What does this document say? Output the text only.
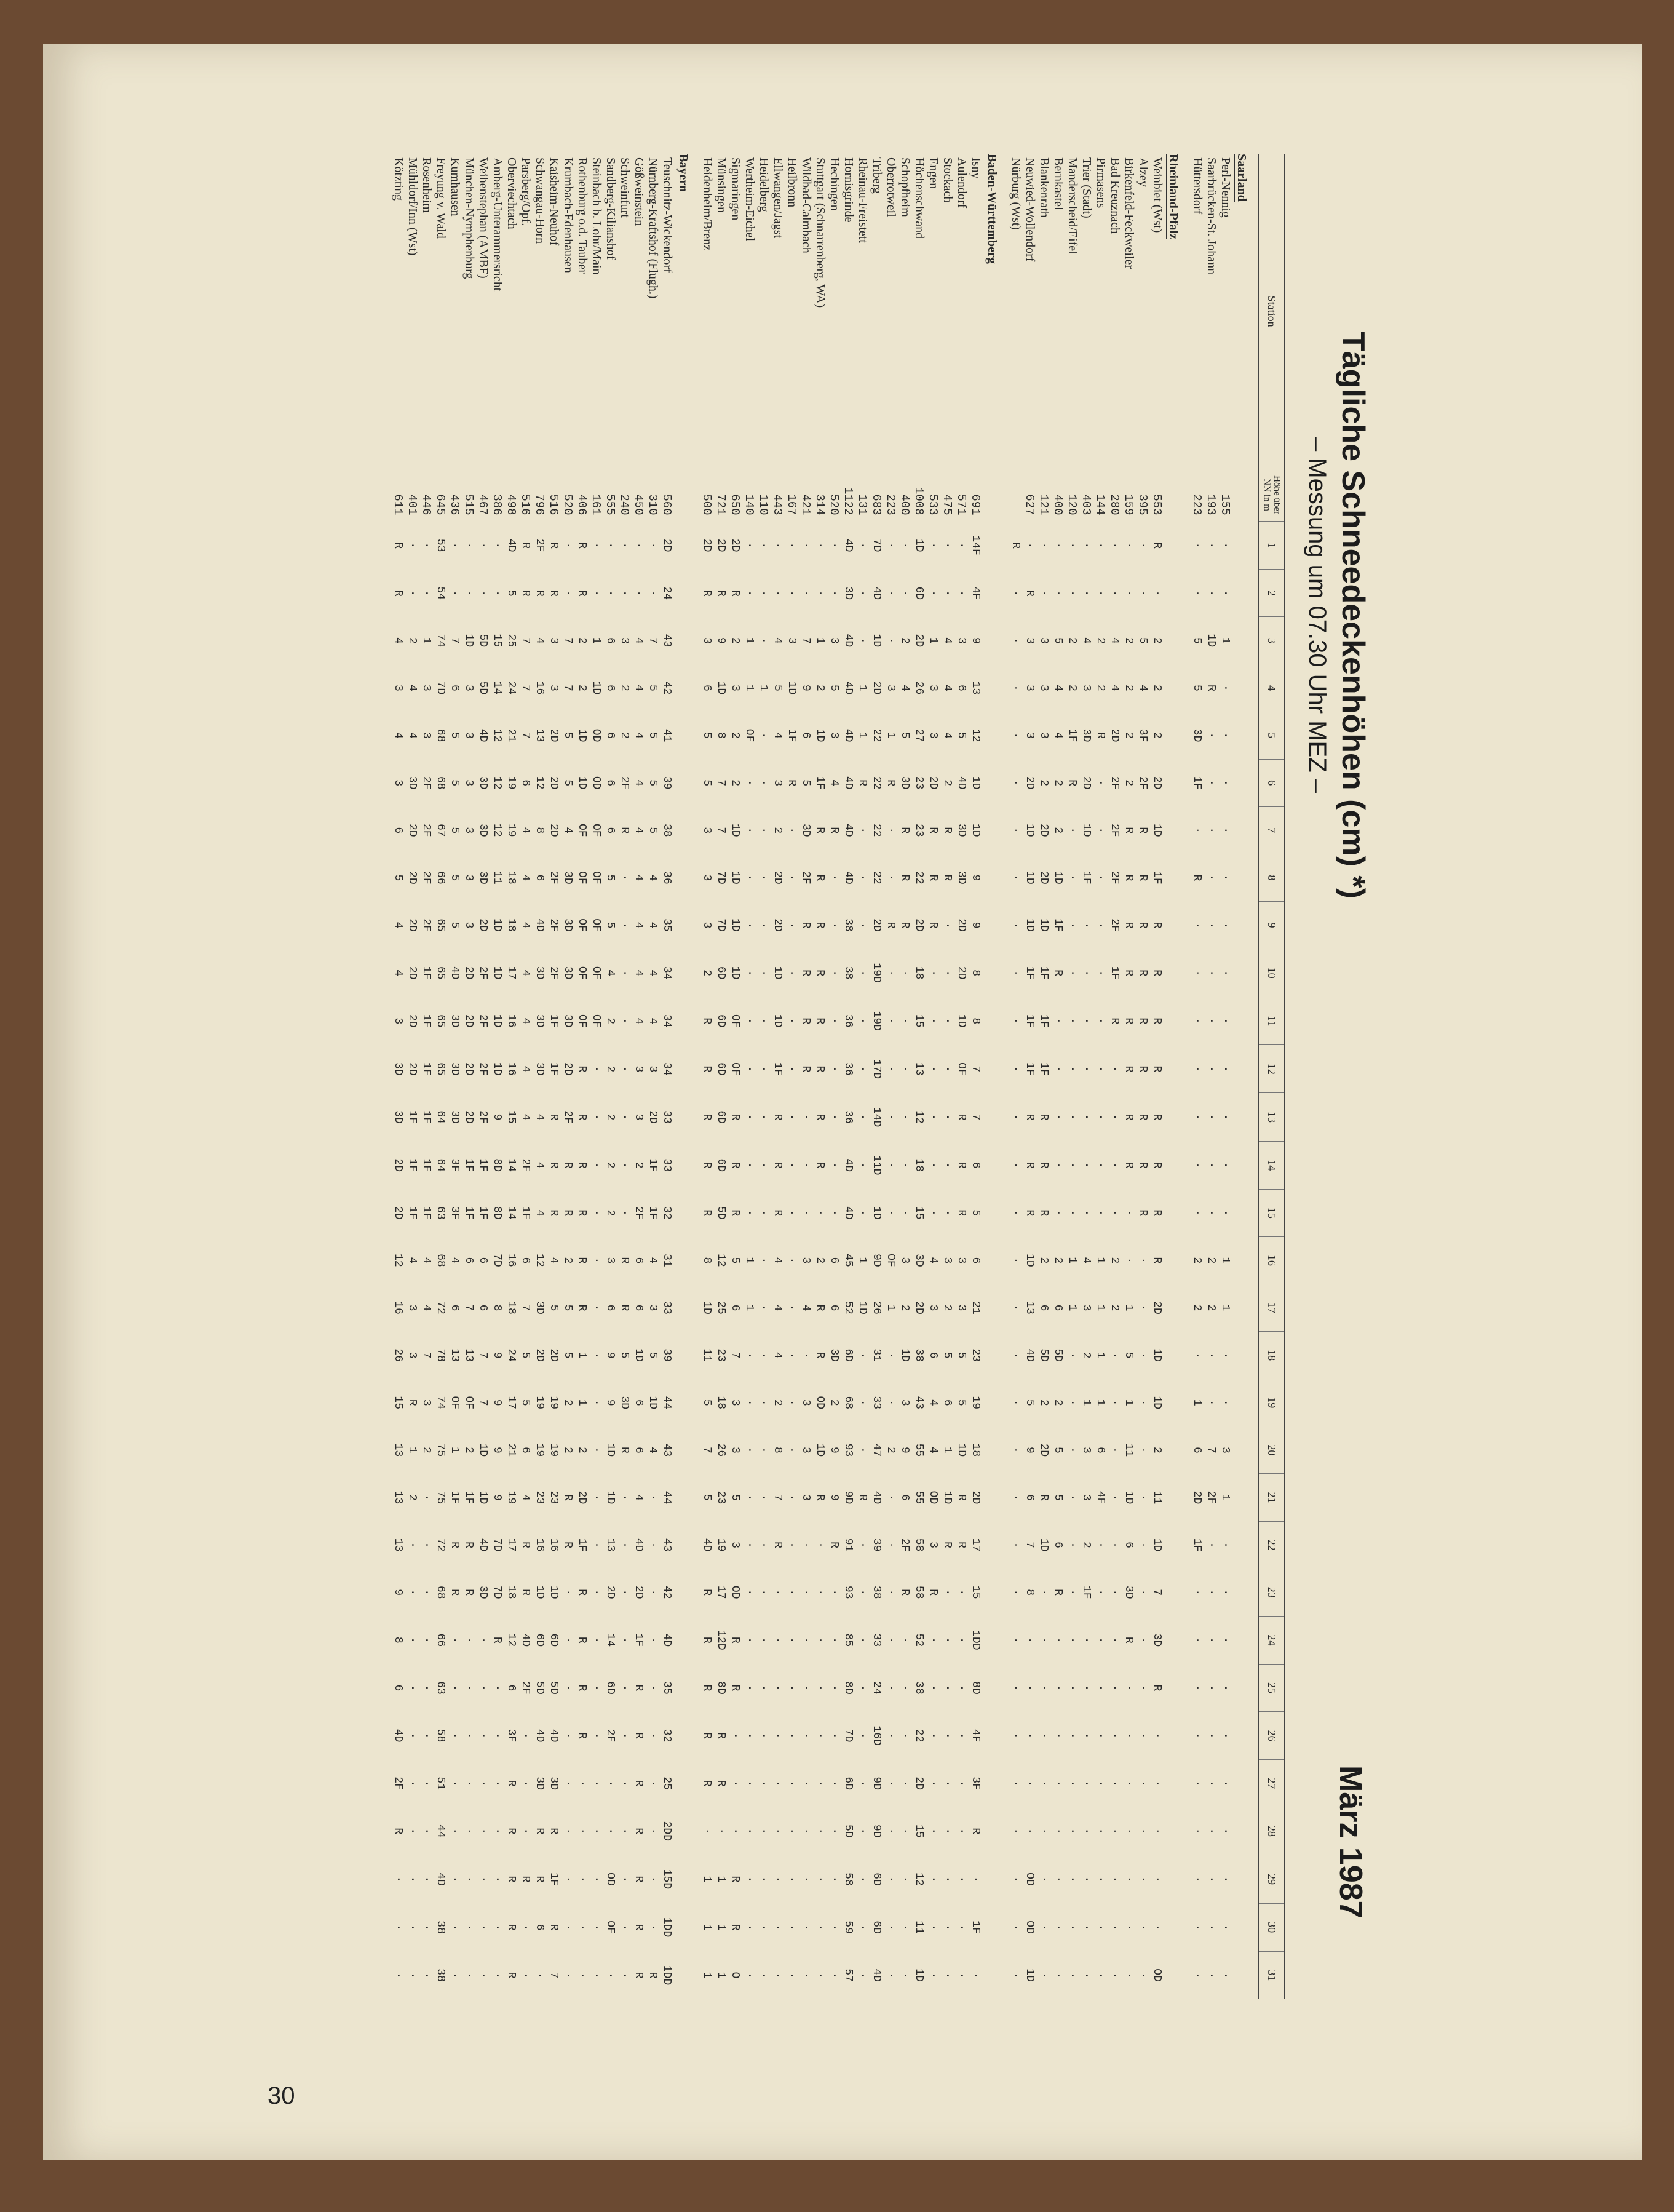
30
Tägliche Schneedeckenhöhen (cm) *)
– Messung um 07.30 Uhr MEZ –
März 1987
Station	Höhe über NN in m	1	2	3	4	5	6	7	8	9	10	11	12	13	14	15	16	17	18	19	20	21	22	23	24	25	26	27	28	29	30	31
Saarland																																
Perl-Nennig	155	·	·	1	·	·	·	·	·	·	·	·	·	·	·	·	1	1	·	·	3	1	·	·	·	·	·	·	·	·	·	·
Saarbrücken-St. Johann	193	·	·	1D	R	·	·	·	·	·	·	·	·	·	·	·	2	2	·	·	7	2F	·	·	·	·	·	·	·	·	·	·
Hüttersdorf	223	·	·	5	5	3D	1F	·	R	·	·	·	·	·	·	·	2	2	·	1	6	2D	1F	·	·	·	·	·	·	·	·	·
Rheinland-Pfalz																																
Weinbiet (Wst)	553	R	·	2	2	2	2D	1D	1F	R	R	R	R	R	R	R	R	2D	1D	1D	2	11	1D	7	3D	R	·	·	·	·	·	OD
Alzey	395	·	·	5	4	3F	2F	R	R	R	R	R	R	R	R	R	·	·	·	·	·	·	·	·	·	·	·	·	·	·	·	·
Birkenfeld-Feckweiler	159	·	·	2	2	2	2	R	R	R	R	R	R	R	R	·	·	1	5	1	11	1D	6	3D	R	·	·	·	·	·	·	·
Bad Kreuznach	280	·	·	4	4	2D	2F	2F	2F	2F	1F	R	·	·	·	·	2	2	·	·	·	·	·	·	·	·	·	·	·	·	·	·
Pirmasens	144	·	·	2	2	R	·	·	·	·	·	·	·	·	·	·	1	1	1	1	6	4F	·	·	·	·	·	·	·	·	·	·
Trier (Stadt)	403	·	·	4	3	3D	2D	1D	1F	·	·	·	·	·	·	·	4	3	2	1	3	3	2	1F	·	·	·	·	·	·	·	·
Manderscheid/Eifel	120	·	·	2	2	1F	R	·	·	·	·	·	·	·	·	·	1	1	·	·	·	·	·	·	·	·	·	·	·	·	·	·
Bernkastel	400	·	·	5	4	4	2	2	1D	1F	R	·	·	·	·	·	2	6	5D	2	5	5	6	R	·	·	·	·	·	·	·	·
Blankenrath	121	·	·	3	3	3	2	2D	2D	1D	1F	1F	1F	R	R	R	2	6	5D	2	2D	R	1D	·	·	·	·	·	·	·	·	·
Neuwied-Wollendorf	627	·	R	3	3	3	2D	1D	1D	1D	1F	1F	1F	R	R	R	1D	13	4D	5	9	6	7	8	·	·	·	·	·	OD	OD	1D
Nürburg (Wst)		R	·	·	·	·	·	·	·	·	·	·	·	·	·	·	·	·	·	·	·	·	·	·	·	·	·	·	·	·	·	·
Baden-Württemberg																																
Isny	691	14F	4F	9	13	12	1D	1D	9	9	8	8	7	7	6	5	6	21	23	19	18	2D	17	15	1DD	8D	4F	3F	R	·	1F	·
Aulendorf	571	·	·	3	6	5	4D	3D	3D	2D	2D	1D	OF	R	R	R	3	3	5	5	1D	R	R	·	·	·	·	·	·	·	·	·
Stockach	475	·	·	4	4	4	2	R	R	·	·	·	·	·	·	·	3	2	5	6	1	1D	R	·	·	·	·	·	·	·	·	·
Engen	533	·	·	1	3	3	2D	R	R	R	·	·	·	·	·	·	4	3	6	4	4	OD	3	R	·	·	·	·	·	·	·	·
Höchenschwand	1008	1D	6D	2D	26	27	23	23	22	2D	18	15	13	12	18	15	3D	2D	38	43	55	55	58	58	52	38	22	2D	15	12	11	1D
Schopfheim	400	·	·	2	4	5	3D	R	R	R	·	·	·	·	·	·	3	2	1D	3	9	6	2F	R	·	·	·	·	·	·	·	·
Oberrotweil	223	·	·	·	3	1	R	·	·	R	·	·	·	·	·	·	OF	1	·	·	2	·	·	·	·	·	·	·	·	·	·	·
Triberg	683	7D	4D	1D	2D	22	22	22	22	2D	19D	19D	17D	14D	11D	1D	9D	26	31	33	47	4D	39	38	33	24	16D	9D	9D	6D	6D	4D
Rheinau-Freistett	131	·	·	·	1	1	R	·	·	·	·	·	·	·	·	·	1	1D	·	·	·	R	·	·	·	·	·	·	·	·	·	·
Hornisgrinde	1122	4D	3D	4D	4D	4D	4D	4D	4D	38	38	36	36	36	4D	4D	45	52	6D	68	93	9D	91	93	85	8D	7D	6D	5D	58	59	57
Hechingen	520	·	·	3	5	3	4	R	·	·	·	·	·	·	·	·	6	6	3D	2	9	9	R	·	·	·	·	·	·	·	·	·
Stuttgart (Schnarrenberg, WA)	314	·	·	1	2	1D	1F	R	R	R	R	R	R	R	R	·	2	R	R	OD	1D	R	·	·	·	·	·	·	·	·	·	·
Wildbad-Calmbach	421	·	·	7	9	6	5	3D	2F	R	R	R	R	·	·	·	3	4	·	3	3	3	·	·	·	·	·	·	·	·	·	·
Heilbronn	167	·	·	3	1D	1F	R	·	·	·	·	·	·	·	·	·	·	·	·	·	·	·	·	·	·	·	·	·	·	·	·	·
Ellwangen/Jagst	443	·	·	4	5	4	3	2	2D	2D	1D	1D	1F	R	R	R	4	4	4	2	8	7	R	·	·	·	·	·	·	·	·	·
Heidelberg	110	·	·	·	1	·	·	·	·	·	·	·	·	·	·	·	·	·	·	·	·	·	·	·	·	·	·	·	·	·	·	·
Wertheim-Eichel	140	·	·	1	1	OF	·	·	·	·	·	·	·	·	·	·	1	1	·	·	·	·	·	·	·	·	·	·	·	·	·	·
Sigmaringen	650	2D	R	2	3	2	2	1D	1D	1D	1D	OF	OF	R	R	R	5	6	7	3	3	5	3	OD	R	R	·	·	·	R	R	O
Münsingen	721	2D	R	9	1D	8	7	7	7D	7D	6D	6D	6D	6D	6D	5D	12	25	23	18	26	23	19	17	12D	8D	R	R	·	1	1	1
Heidenheim/Brenz	500	2D	R	3	6	5	5	3	3	3	2	R	R	R	R	R	8	1D	11	5	7	5	4D	R	R	R	R	R	·	1	1	1
Bayern																																
Teuschnitz-Wickendorf	560	2D	24	43	42	41	39	38	36	35	34	34	34	33	33	32	31	33	39	44	43	44	43	42	4D	35	32	25	2DD	15D	1DD	1DD
Nürnberg-Kraftshof (Flugh.)	310	·	·	7	5	5	5	5	4	4	4	4	3	2D	1F	1F	4	3	5	1D	4	·	·	·	·	·	·	·	·	·	·	R
Gößweinstein	450	·	·	4	4	4	4	4	4	4	4	4	3	3	2	2F	6	6	1D	6	6	4	4D	2D	1F	R	R	R	R	R	R	R
Schweinfurt	240	·	·	3	2	2	2F	R	·	·	·	·	·	·	·	·	R	R	5	3D	R	·	·	·	·	·	·	·	·	·	·	·
Sandberg-Kilianshof	555	·	·	6	6	6	6	6	5	5	4	2	2	2	2	2	3	6	9	9	1D	1D	13	2D	14	6D	2F	·	·	OD	OF	·
Steinbach b. Lohr/Main	161	·	·	1	1D	OD	OD	OF	OF	OF	OF	OF	·	·	·	·	·	·	·	·	·	·	·	·	·	·	·	·	·	·	·	·
Rothenburg o.d. Tauber	406	R	R	2	2	1D	1D	OF	OF	OF	OF	OF	R	R	R	R	R	R	1	1	2	2D	1F	R	R	R	R	·	·	·	·	·
Krumbach-Edenhausen	520	·	·	7	7	5	5	4	3D	3D	3D	3D	2D	2F	R	R	2	5	5	2	2	R	R	·	·	·	·	·	·	·	·	·
Kaisheim-Neuhof	516	R	R	3	3	2D	2D	2D	2F	2F	2F	1F	1F	R	R	R	4	5	2D	19	19	23	16	1D	6D	5D	4D	3D	R	1F	R	7
Schwangau-Horn	796	2F	R	4	16	13	12	8	6	4D	3D	3D	3D	4	4	4	12	3D	2D	19	19	23	16	1D	6D	5D	4D	3D	R	R	6	·
Parsberg/Opf.	516	R	R	7	7	7	6	4	4	4	4	4	4	4	2F	1F	6	7	5	5	6	4	R	R	4D	2F	·	·	·	R	·	·
Oberviechtach	498	4D	5	25	24	21	19	19	18	18	17	16	16	15	14	14	16	18	24	17	21	19	17	18	12	6	3F	R	R	R	R	R
Amberg-Unterammersricht	386	·	·	15	14	12	12	12	11	1D	1D	1D	1D	9	8D	8D	7D	8	9	9	9	9	7D	7D	R	·	·	·	·	·	·	·
Weihenstephan (AMBF)	467	·	·	5D	5D	4D	3D	3D	3D	2D	2F	2F	2F	2F	1F	1F	6	6	7	7	1D	1D	4D	3D	·	·	·	·	·	·	·	·
München-Nymphenburg	515	·	·	1D	3	3	3	3	3	3	2D	2D	2D	2D	1F	1F	6	7	13	OF	2	1F	R	R	·	·	·	·	·	·	·	·
Kumhausen	436	·	·	7	6	5	5	5	5	5	4D	3D	3D	3D	3F	3F	4	6	13	OF	1	1F	R	R	·	·	·	·	·	·	·	·
Freyung v. Wald	645	53	54	74	7D	68	68	67	66	65	65	65	65	64	64	63	68	72	78	74	75	75	72	68	66	63	58	51	44	4D	38	38
Rosenheim	446	·	·	1	3	3	2F	2F	2F	2F	1F	1F	1F	1F	1F	1F	4	4	7	3	2	·	·	·	·	·	·	·	·	·	·	·
Mühldorf/Inn (Wst)	401	·	·	2	4	4	3D	2D	2D	2D	2D	2D	2D	1F	1F	1F	4	3	3	R	1	2	·	·	·	·	·	·	·	·	·	·
Kötzting	611	R	R	4	3	4	3	6	5	4	4	3	3D	3D	2D	2D	12	16	26	15	13	13	13	9	8	6	4D	2F	R	·	·	·
